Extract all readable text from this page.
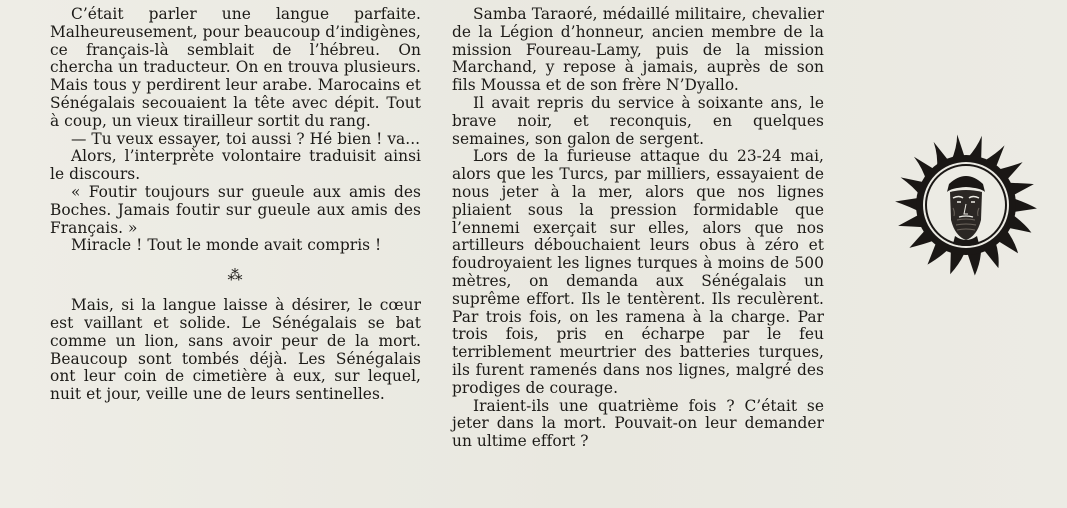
C’était parler une langue parfaite. Malheureusement, pour beaucoup d’indigènes, ce français-là semblait de l’hébreu. On chercha un traducteur. On en trouva plusieurs. Mais tous y perdirent leur arabe. Marocains et Sénégalais secouaient la tête avec dépit. Tout à coup, un vieux tirailleur sortit du rang.

— Tu veux essayer, toi aussi ? Hé bien ! va...

Alors, l’interprète volontaire traduisit ainsi le discours.

« Foutir toujours sur gueule aux amis des Boches. Jamais foutir sur gueule aux amis des Français. »

Miracle ! Tout le monde avait compris !

⁂

Mais, si la langue laisse à désirer, le cœur est vaillant et solide. Le Sénégalais se bat comme un lion, sans avoir peur de la mort. Beaucoup sont tombés déjà. Les Sénégalais ont leur coin de cimetière à eux, sur lequel, nuit et jour, veille une de leurs sentinelles.

Samba Taraoré, médaillé militaire, chevalier de la Légion d’honneur, ancien membre de la mission Foureau-Lamy, puis de la mission Marchand, y repose à jamais, auprès de son fils Moussa et de son frère N’Dyallo.

Il avait repris du service à soixante ans, le brave noir, et reconquis, en quelques semaines, son galon de sergent.

Lors de la furieuse attaque du 23-24 mai, alors que les Turcs, par milliers, essayaient de nous jeter à la mer, alors que nos lignes pliaient sous la pression formidable que l’ennemi exerçait sur elles, alors que nos artilleurs débouchaient leurs obus à zéro et foudroyaient les lignes turques à moins de 500 mètres, on demanda aux Sénégalais un suprême effort. Ils le tentèrent. Ils reculèrent. Par trois fois, on les ramena à la charge. Par trois fois, pris en écharpe par le feu terriblement meurtrier des batteries turques, ils furent ramenés dans nos lignes, malgré des prodiges de courage.

Iraient-ils une quatrième fois ? C’était se jeter dans la mort. Pouvait-on leur demander un ultime effort ?
